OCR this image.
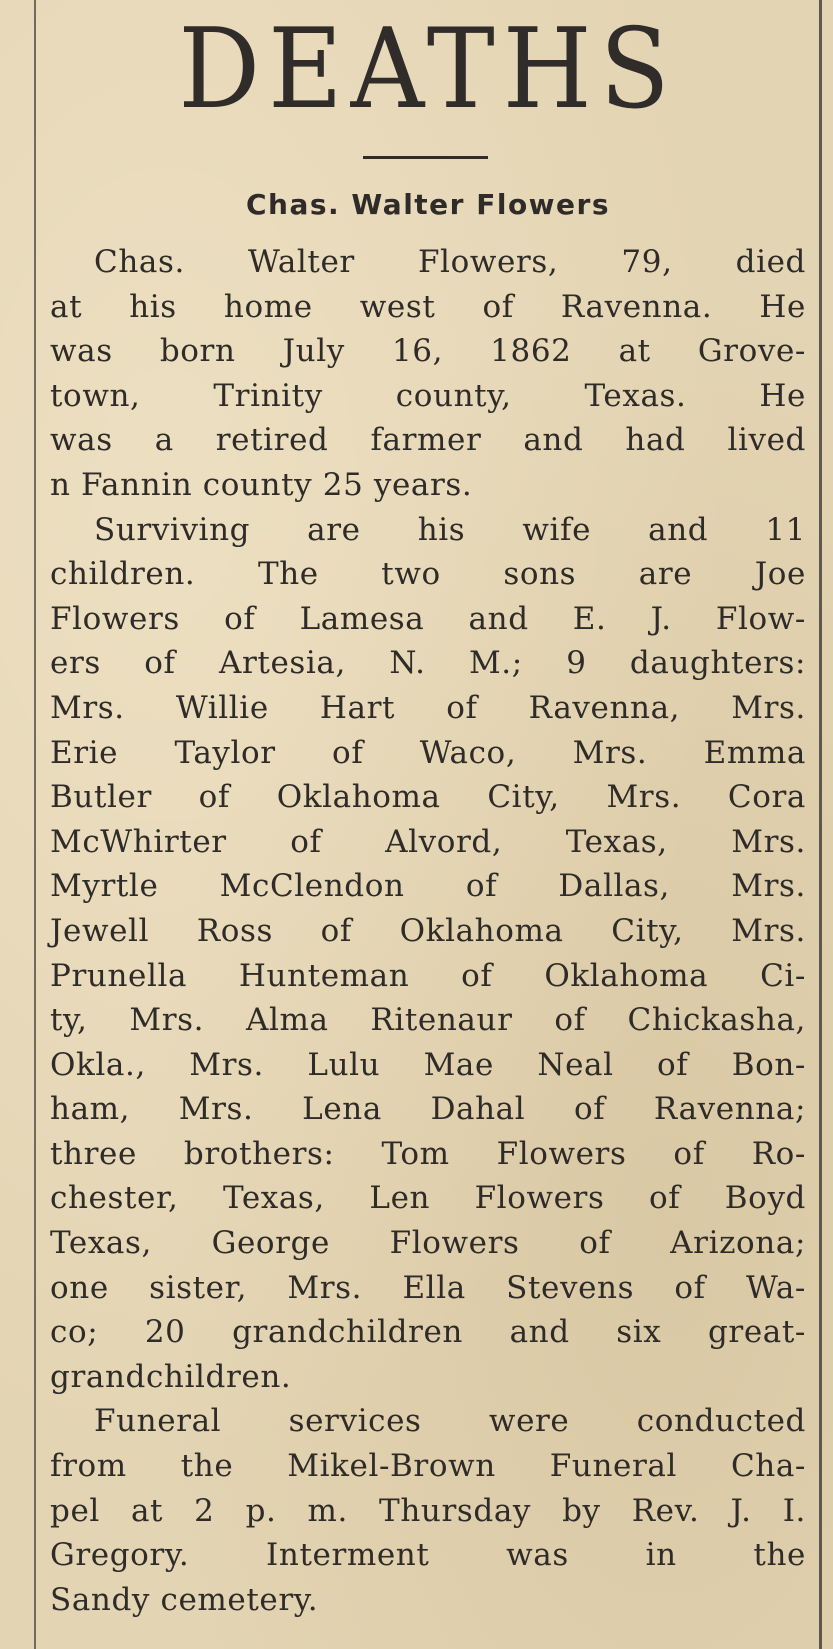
DEATHS
Chas. Walter Flowers
Chas. Walter Flowers, 79, died
at his home west of Ravenna. He
was born July 16, 1862 at Grove-
town, Trinity county, Texas. He
was a retired farmer and had lived
n Fannin county 25 years.
Surviving are his wife and 11
children. The two sons are Joe
Flowers of Lamesa and E. J. Flow-
ers of Artesia, N. M.; 9 daughters:
Mrs. Willie Hart of Ravenna, Mrs.
Erie Taylor of Waco, Mrs. Emma
Butler of Oklahoma City, Mrs. Cora
McWhirter of Alvord, Texas, Mrs.
Myrtle McClendon of Dallas, Mrs.
Jewell Ross of Oklahoma City, Mrs.
Prunella Hunteman of Oklahoma Ci-
ty, Mrs. Alma Ritenaur of Chickasha,
Okla., Mrs. Lulu Mae Neal of Bon-
ham, Mrs. Lena Dahal of Ravenna;
three brothers: Tom Flowers of Ro-
chester, Texas, Len Flowers of Boyd
Texas, George Flowers of Arizona;
one sister, Mrs. Ella Stevens of Wa-
co; 20 grandchildren and six great-
grandchildren.
Funeral services were conducted
from the Mikel-Brown Funeral Cha-
pel at 2 p. m. Thursday by Rev. J. I.
Gregory. Interment was in the
Sandy cemetery.
